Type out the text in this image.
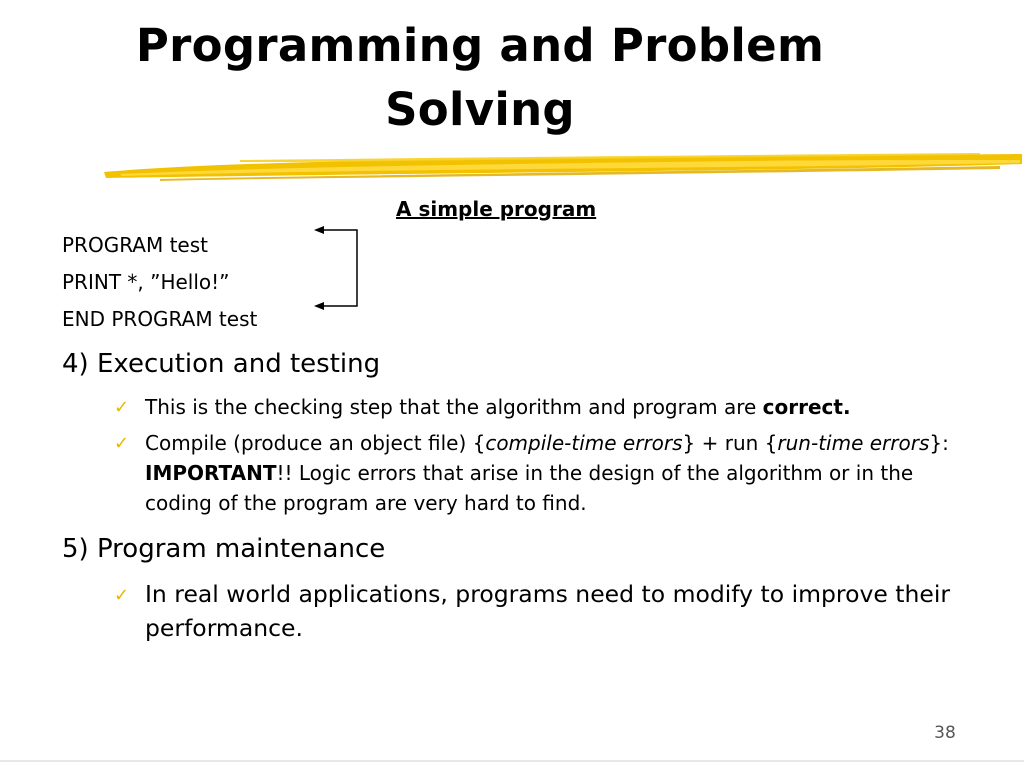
Programming and Problem
Solving
A simple program
PROGRAM test
PRINT *, ”Hello!”
END PROGRAM test
4) Execution and testing
✓ This is the checking step that the algorithm and program are correct.
✓ Compile (produce an object file) {compile-time errors} + run {run-time errors}: IMPORTANT!! Logic errors that arise in the design of the algorithm or in the coding of the program are very hard to find.
5) Program maintenance
✓ In real world applications, programs need to modify to improve their performance.
38
